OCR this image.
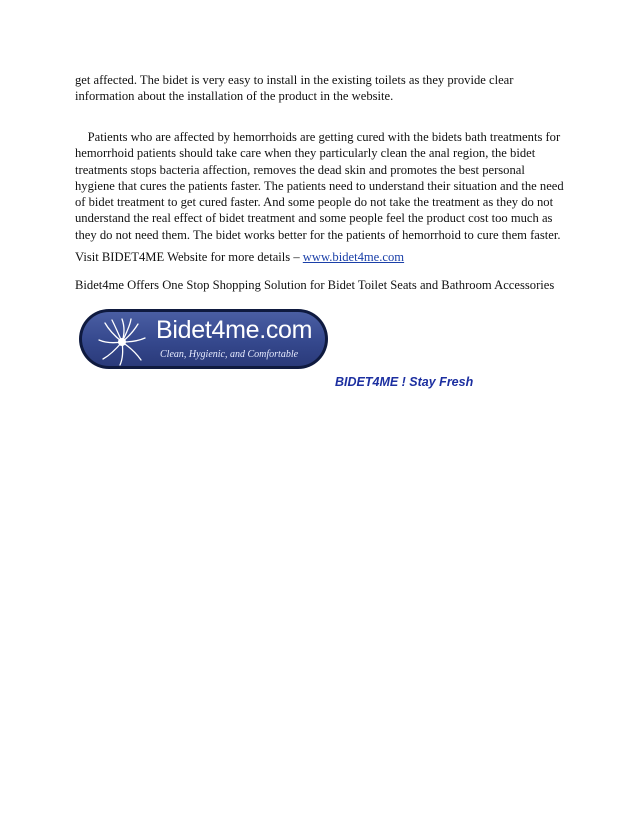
get affected. The bidet is very easy to install in the existing toilets as they provide clear
information about the installation of the product in the website.

Patients who are affected by hemorrhoids are getting cured with the bidets bath treatments for
hemorrhoid patients should take care when they particularly clean the anal region, the bidet
treatments stops bacteria affection, removes the dead skin and promotes the best personal
hygiene that cures the patients faster. The patients need to understand their situation and the need
of bidet treatment to get cured faster. And some people do not take the treatment as they do not
understand the real effect of bidet treatment and some people feel the product cost too much as
they do not need them. The bidet works better for the patients of hemorrhoid to cure them faster.

Visit BIDET4ME Website for more details – www.bidet4me.com

Bidet4me Offers One Stop Shopping Solution for Bidet Toilet Seats and Bathroom Accessories

Bidet4me.com
Clean, Hygienic, and Comfortable
BIDET4ME ! Stay Fresh
